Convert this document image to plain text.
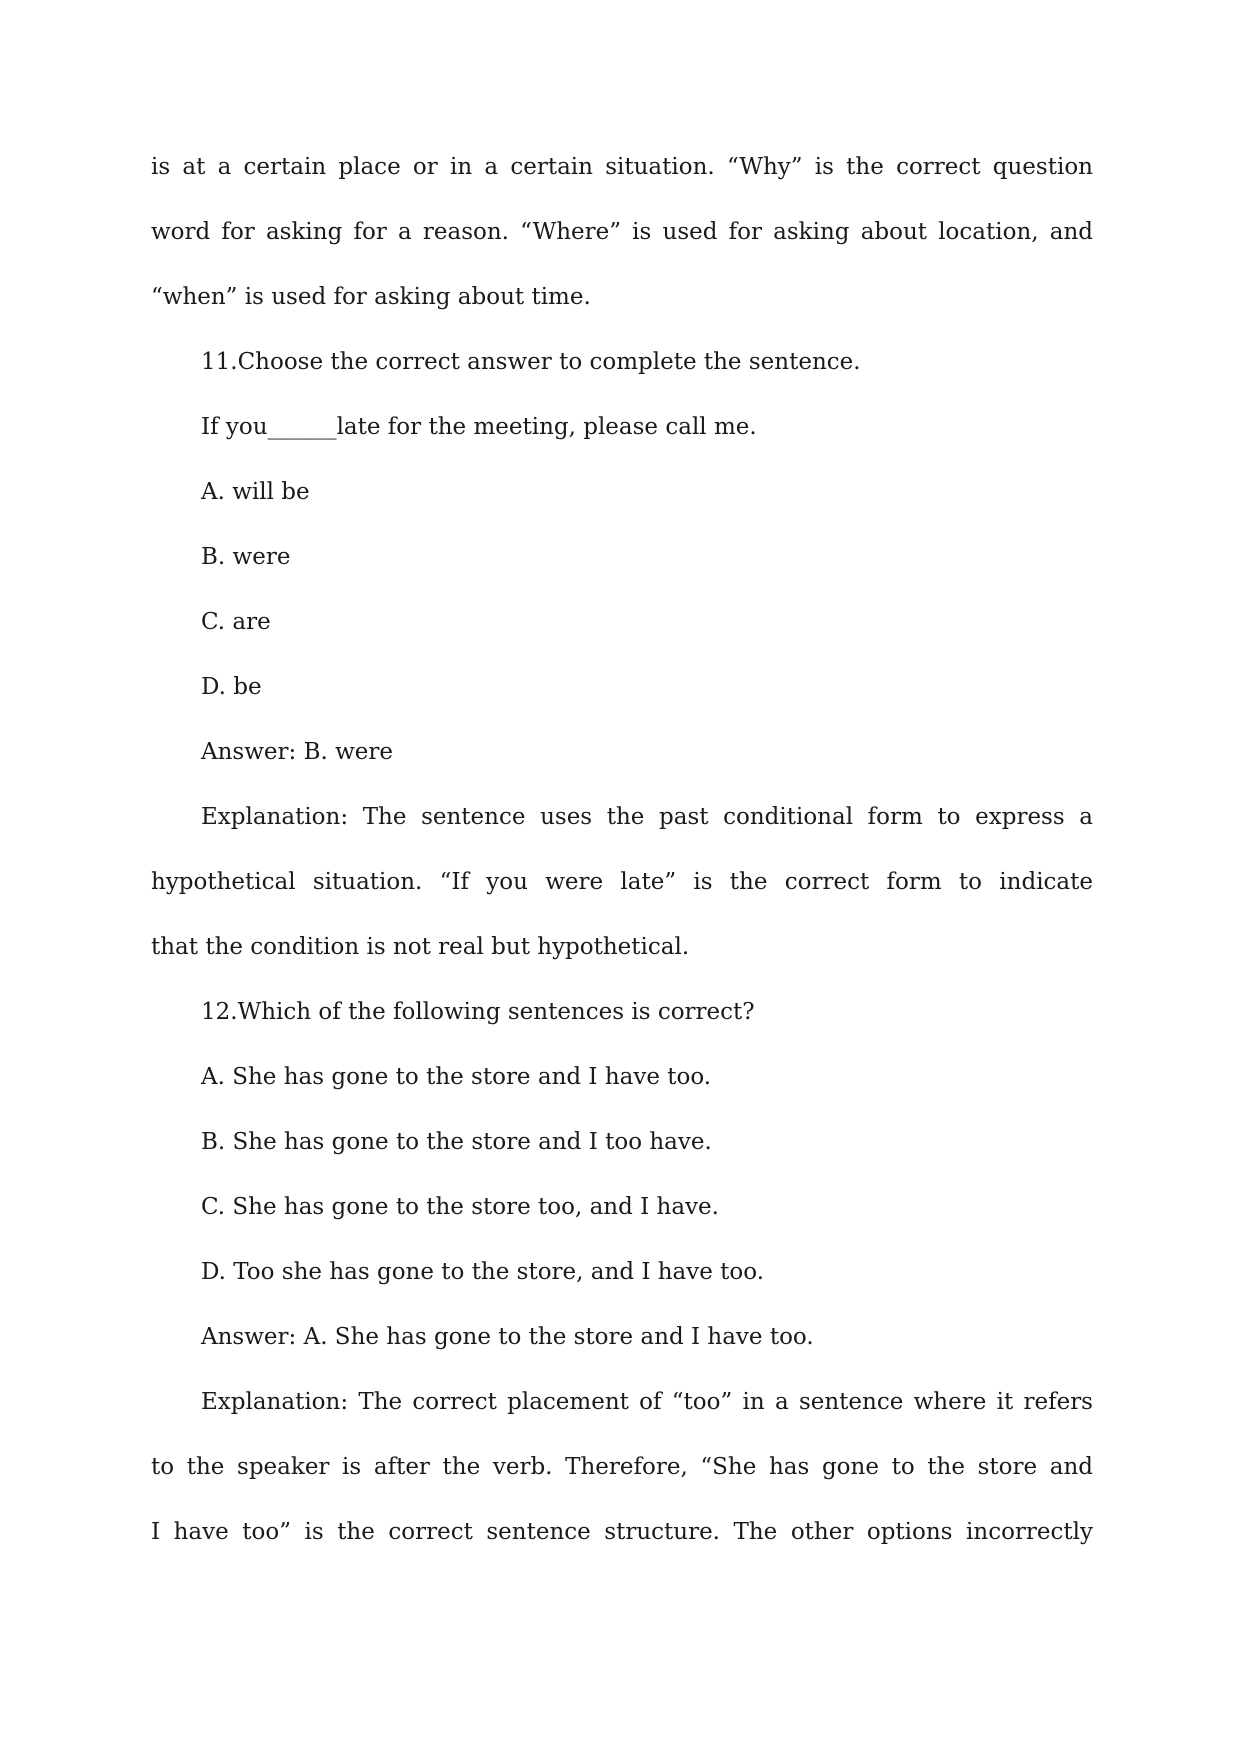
is at a certain place or in a certain situation. “Why” is the correct question
word for asking for a reason. “Where” is used for asking about location, and
“when” is used for asking about time.
11.Choose the correct answer to complete the sentence.
If you______late for the meeting, please call me.
A. will be
B. were
C. are
D. be
Answer: B. were
Explanation: The sentence uses the past conditional form to express a
hypothetical situation. “If you were late” is the correct form to indicate
that the condition is not real but hypothetical.
12.Which of the following sentences is correct?
A. She has gone to the store and I have too.
B. She has gone to the store and I too have.
C. She has gone to the store too, and I have.
D. Too she has gone to the store, and I have too.
Answer: A. She has gone to the store and I have too.
Explanation: The correct placement of “too” in a sentence where it refers
to the speaker is after the verb. Therefore, “She has gone to the store and
I have too” is the correct sentence structure. The other options incorrectly
